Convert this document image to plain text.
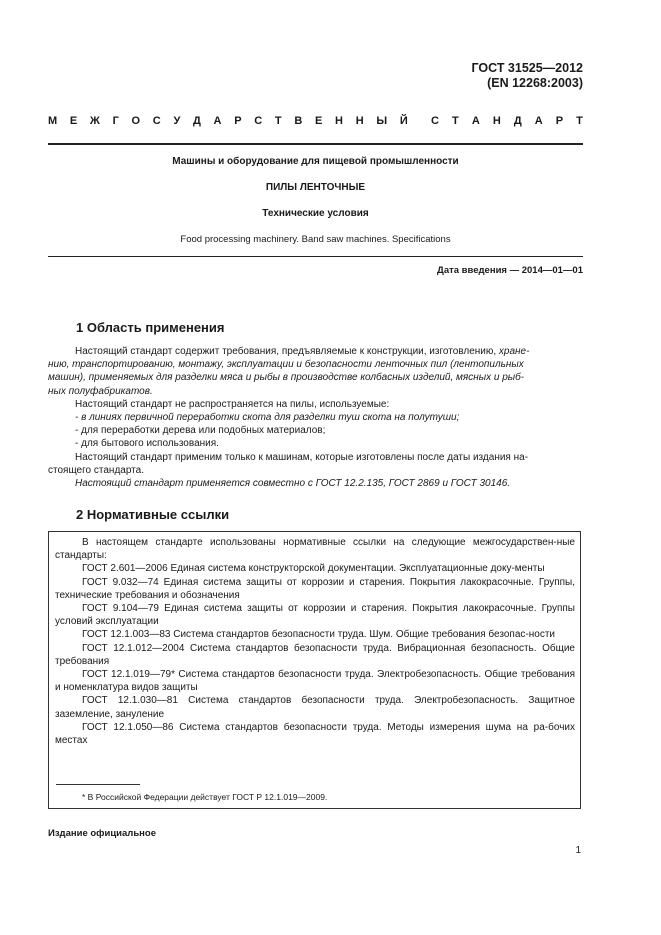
ГОСТ 31525—2012
(EN 12268:2003)
М Е Ж Г О С У Д А Р С Т В Е Н Н Ы Й С Т А Н Д А Р Т
Машины и оборудование для пищевой промышленности
ПИЛЫ ЛЕНТОЧНЫЕ
Технические условия
Food processing machinery. Band saw machines. Specifications
Дата введения — 2014—01—01
1 Область применения
Настоящий стандарт содержит требования, предъявляемые к конструкции, изготовлению, хране-
нию, транспортированию, монтажу, эксплуатации и безопасности ленточных пил (лентопильных
машин), применяемых для разделки мяса и рыбы в производстве колбасных изделий, мясных и рыб-
ных полуфабрикатов.
Настоящий стандарт не распространяется на пилы, используемые:
- в линиях первичной переработки скота для разделки туш скота на полутуши;
- для переработки дерева или подобных материалов;
- для бытового использования.
Настоящий стандарт применим только к машинам, которые изготовлены после даты издания на-
стоящего стандарта.
Настоящий стандарт применяется совместно с ГОСТ 12.2.135, ГОСТ 2869 и ГОСТ 30146.
2 Нормативные ссылки
В настоящем стандарте использованы нормативные ссылки на следующие межгосударствен-ные стандарты:
ГОСТ 2.601—2006 Единая система конструкторской документации. Эксплуатационные доку-менты
ГОСТ 9.032—74 Единая система защиты от коррозии и старения. Покрытия лакокрасочные. Группы, технические требования и обозначения
ГОСТ 9.104—79 Единая система защиты от коррозии и старения. Покрытия лакокрасочные. Группы условий эксплуатации
ГОСТ 12.1.003—83 Система стандартов безопасности труда. Шум. Общие требования безопас-ности
ГОСТ 12.1.012—2004 Система стандартов безопасности труда. Вибрационная безопасность. Общие требования
ГОСТ 12.1.019—79* Система стандартов безопасности труда. Электробезопасность. Общие требования и номенклатура видов защиты
ГОСТ 12.1.030—81 Система стандартов безопасности труда. Электробезопасность. Защитное заземление, зануление
ГОСТ 12.1.050—86 Система стандартов безопасности труда. Методы измерения шума на ра-бочих местах
* В Российской Федерации действует ГОСТ Р 12.1.019—2009.
Издание официальное
1
